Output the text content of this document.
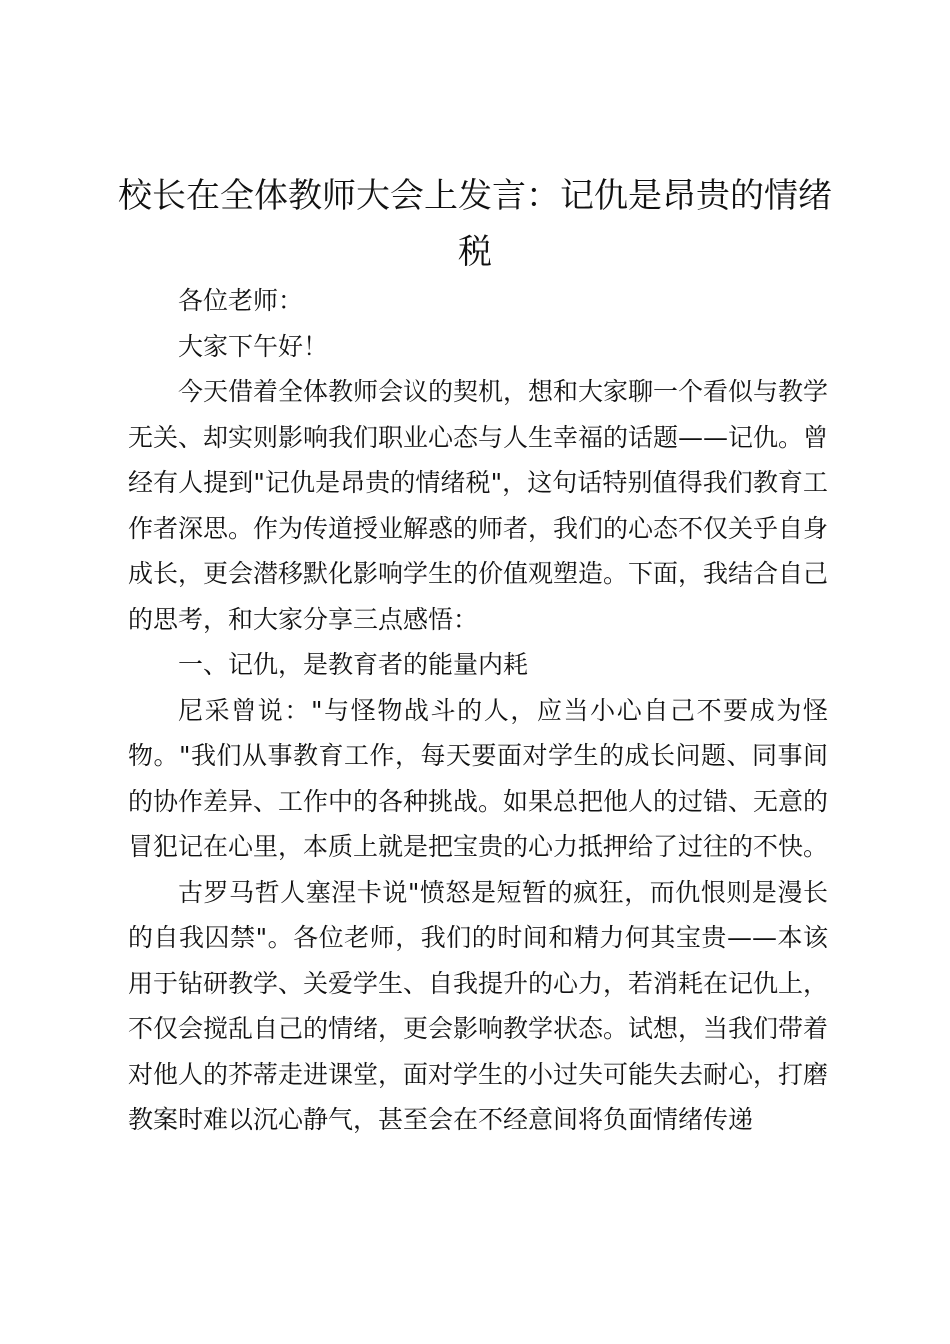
校长在全体教师大会上发言：记仇是昂贵的情绪税

各位老师：

大家下午好！

今天借着全体教师会议的契机，想和大家聊一个看似与教学无关、却实则影响我们职业心态与人生幸福的话题——记仇。曾经有人提到"记仇是昂贵的情绪税"，这句话特别值得我们教育工作者深思。作为传道授业解惑的师者，我们的心态不仅关乎自身成长，更会潜移默化影响学生的价值观塑造。下面，我结合自己的思考，和大家分享三点感悟：

一、记仇，是教育者的能量内耗

尼采曾说："与怪物战斗的人，应当小心自己不要成为怪物。"我们从事教育工作，每天要面对学生的成长问题、同事间的协作差异、工作中的各种挑战。如果总把他人的过错、无意的冒犯记在心里，本质上就是把宝贵的心力抵押给了过往的不快。

古罗马哲人塞涅卡说"愤怒是短暂的疯狂，而仇恨则是漫长的自我囚禁"。各位老师，我们的时间和精力何其宝贵——本该用于钻研教学、关爱学生、自我提升的心力，若消耗在记仇上，不仅会搅乱自己的情绪，更会影响教学状态。试想，当我们带着对他人的芥蒂走进课堂，面对学生的小过失可能失去耐心，打磨教案时难以沉心静气，甚至会在不经意间将负面情绪传递
